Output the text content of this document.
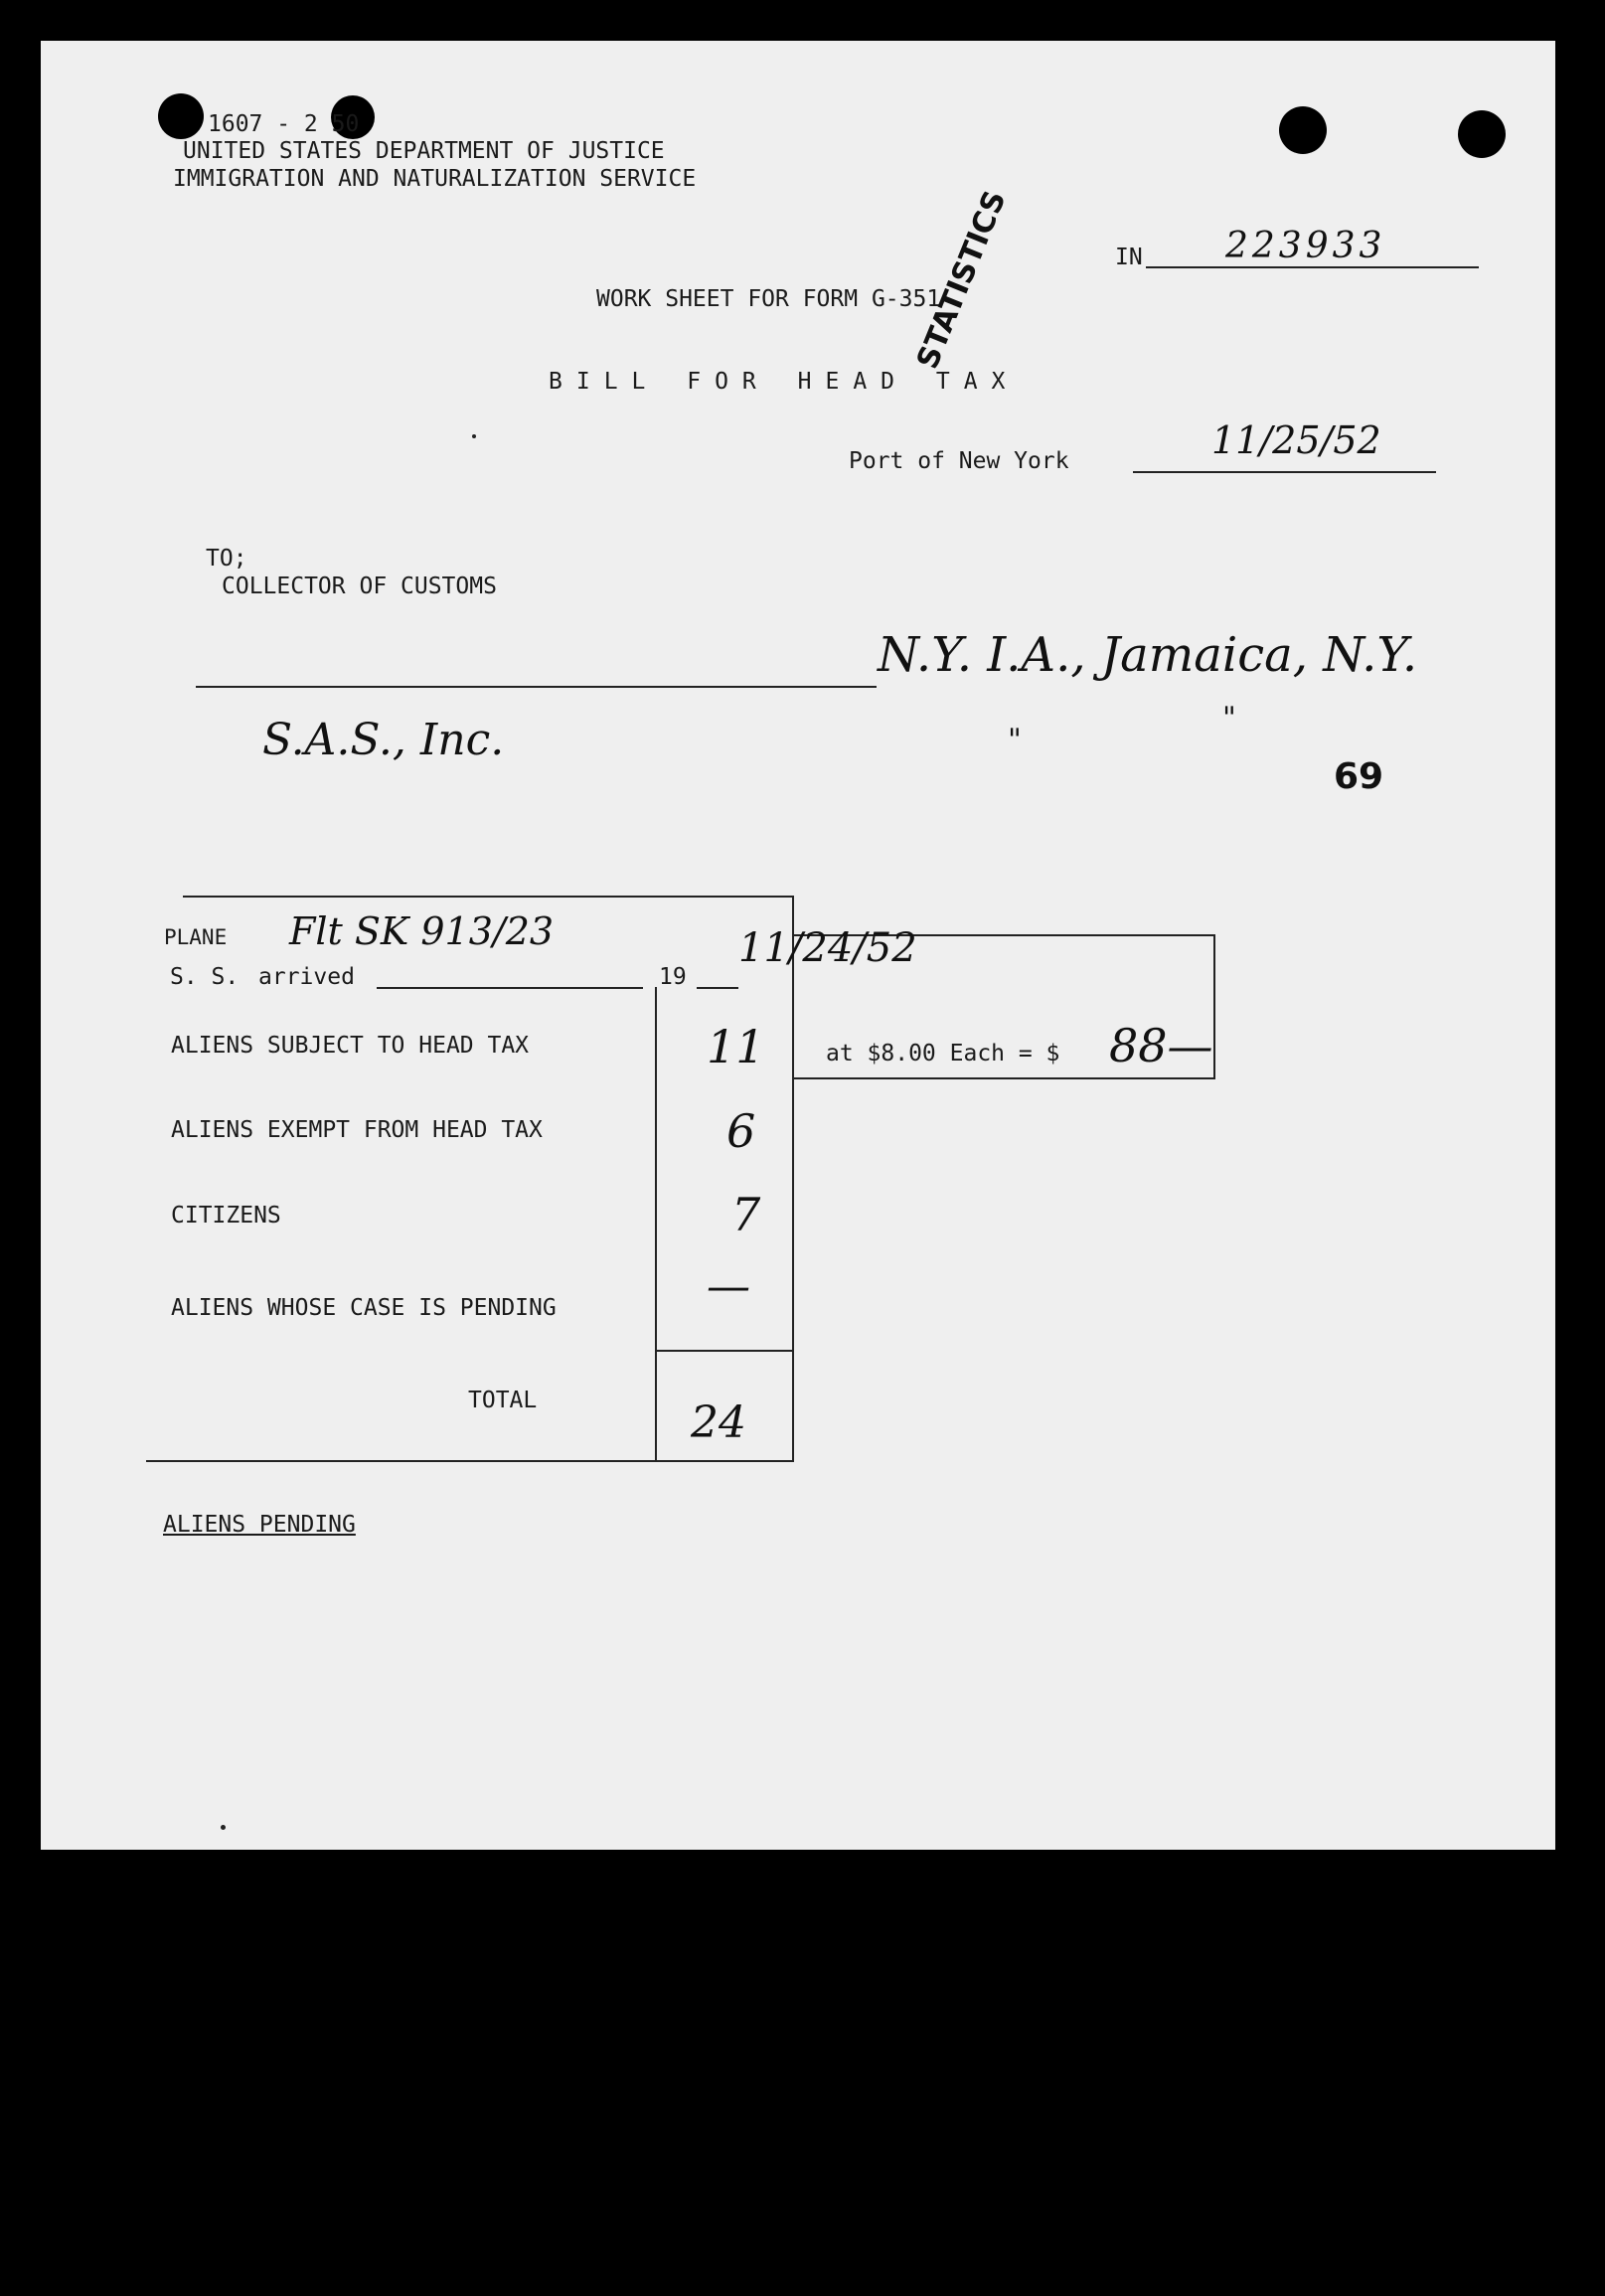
1607 - 2 50
UNITED STATES DEPARTMENT OF JUSTICE
IMMIGRATION AND NATURALIZATION SERVICE
IN 223933
STATISTICS
WORK SHEET FOR FORM G-351
BILL FOR HEAD TAX
Port of New York	11/25/52
TO;
COLLECTOR OF CUSTOMS
N.Y. I.A., Jamaica, N.Y.
S.A.S., Inc.	"
"
69
PLANE Flt SK 913/23	11/24/52
S. S. arrived	19
ALIENS SUBJECT TO HEAD TAX	11	at $8.00 Each = $ 88—
ALIENS EXEMPT FROM HEAD TAX	6
CITIZENS	7
ALIENS WHOSE CASE IS PENDING	—
TOTAL	24
ALIENS PENDING
